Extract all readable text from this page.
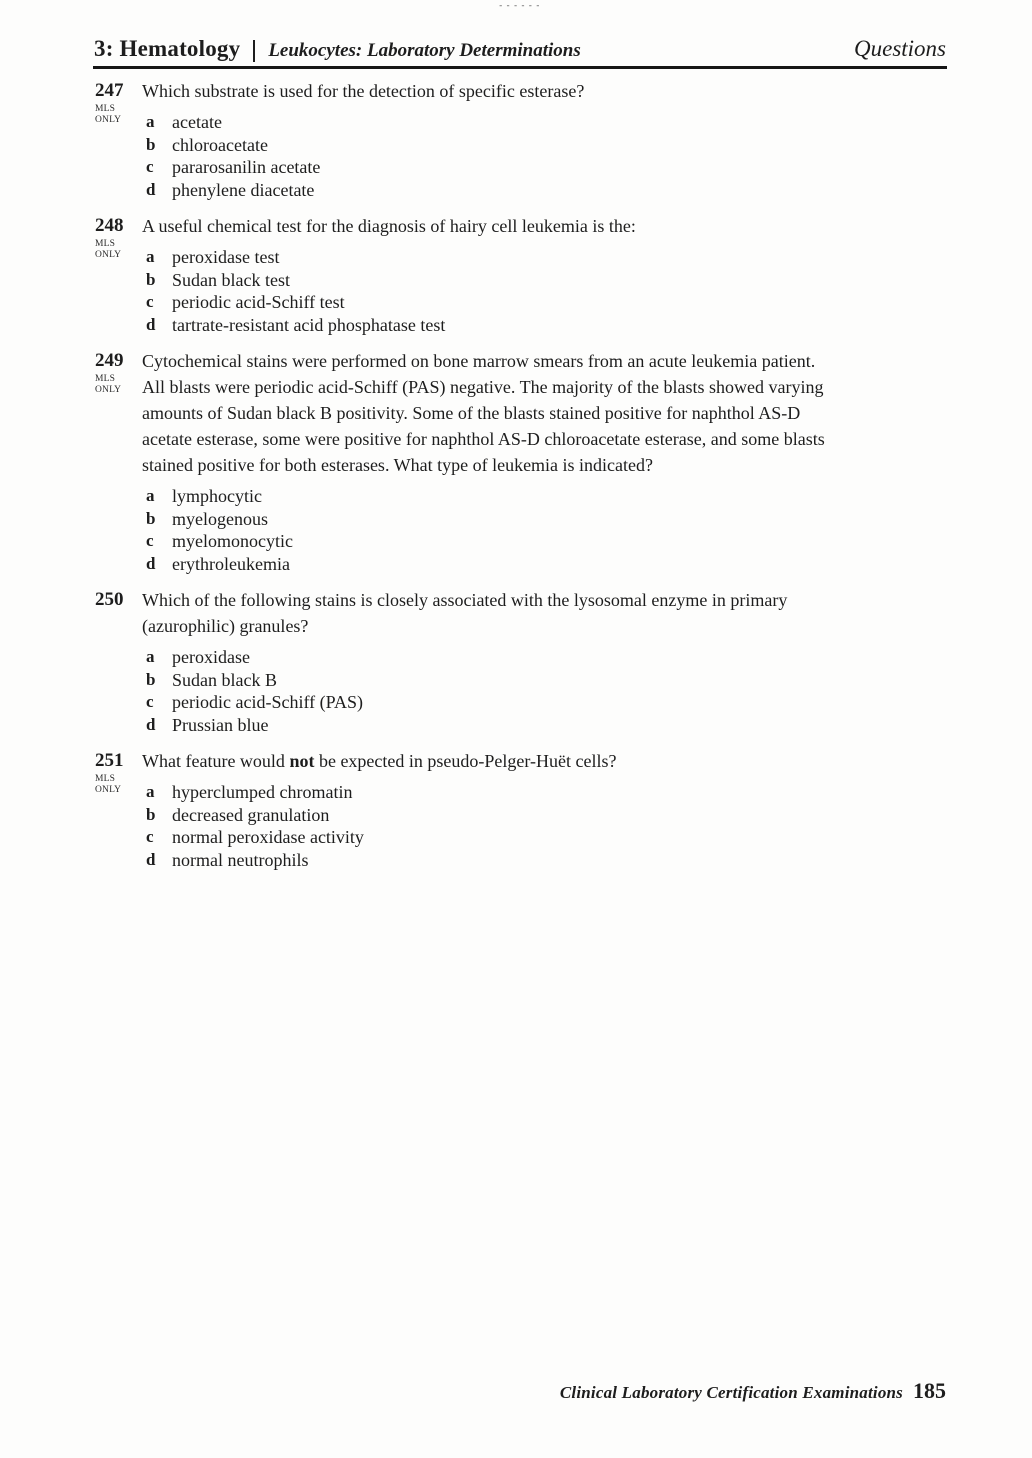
------
3: Hematology	Leukocytes: Laboratory Determinations	Questions
247
MLS
ONLY
Which substrate is used for the detection of specific esterase?
a acetate
b chloroacetate
c	pararosanilin acetate
d phenylene diacetate
248
MLS
ONLY
A useful chemical test for the diagnosis of hairy cell leukemia is the:
a peroxidase test
b Sudan black test
c	periodic acid-Schiff test
d tartrate-resistant acid phosphatase test
249
MLS
ONLY
Cytochemical stains were performed on bone marrow smears from an acute leukemia patient.
All blasts were periodic acid-Schiff (PAS) negative. The majority of the blasts showed varying
amounts of Sudan black B positivity. Some of the blasts stained positive for naphthol AS-D
acetate esterase, some were positive for naphthol AS-D chloroacetate esterase, and some blasts
stained positive for both esterases. What type of leukemia is indicated?
a lymphocytic
b myelogenous
c	myelomonocytic
d erythroleukemia
250	Which of the following stains is closely associated with the lysosomal enzyme in primary
(azurophilic) granules?
a peroxidase
b Sudan black B
c	periodic acid-Schiff (PAS)
d Prussian blue
251
MLS
ONLY
What feature would not be expected in pseudo-Pelger-Huët cells?
a hyperclumped chromatin
b decreased granulation
c	normal peroxidase activity
d normal neutrophils
Clinical Laboratory Certification Examinations 185
